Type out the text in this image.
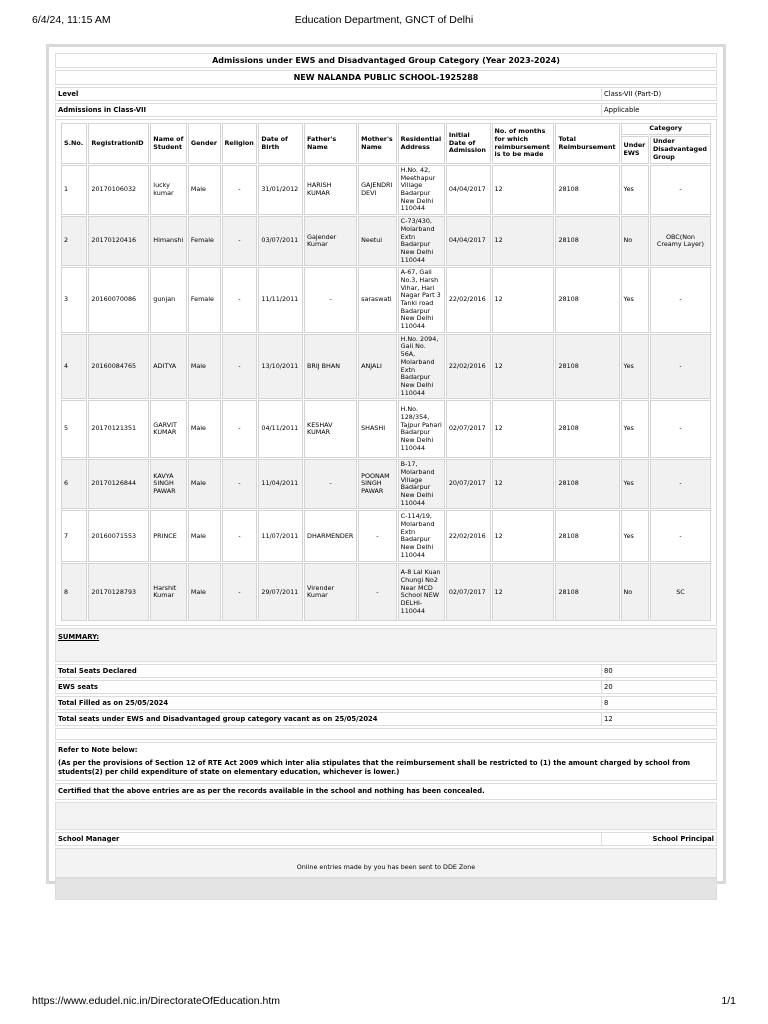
6/4/24, 11:15 AM	Education Department, GNCT of Delhi
Admissions under EWS and Disadvantaged Group Category (Year 2023-2024)
NEW NALANDA PUBLIC SCHOOL-1925288
Level	Class-VII (Part-D)
Admissions in Class-VII	Applicable
S.No.	RegistrationID	Name of Student	Gender	Religion	Date of Birth	Father's Name	Mother's Name	Residential Address	Initial Date of Admission	No. of months for which reimbursement is to be made	Total Reimbursement	Category	
												Under EWS	Under Disadvantaged Group
1	20170106032	lucky kumar	Male	-	31/01/2012	HARISH KUMAR	GAJENDRI DEVI	H.No. 42, Meethapur Village Badarpur New Delhi 110044	04/04/2017	12	28108	Yes	-
2	20170120416	Himanshi	Female	-	03/07/2011	Gajender Kumar	Neetui	C-73/430, Molarband Extn Badarpur New Delhi 110044	04/04/2017	12	28108	No	OBC(Non Creamy Layer)
3	20160070086	gunjan	Female	-	11/11/2011	-	saraswati	A-67, Gali No.3, Harsh Vihar, Hari Nagar Part 3 Tanki road Badarpur New Delhi 110044	22/02/2016	12	28108	Yes	-
4	20160084765	ADITYA	Male	-	13/10/2011	BRIJ BHAN	ANJALI	H.No. 2094, Gali No. 56A, Molarband Extn Badarpur New Delhi 110044	22/02/2016	12	28108	Yes	-
5	20170121351	GARVIT KUMAR	Male	-	04/11/2011	KESHAV KUMAR	SHASHI	H.No. 128/354, Tajpur Pahari Badarpur New Delhi 110044	02/07/2017	12	28108	Yes	-
6	20170126844	KAVYA SINGH PAWAR	Male	-	11/04/2011	-	POONAM SINGH PAWAR	B-17, Molarband Village Badarpur New Delhi 110044	20/07/2017	12	28108	Yes	-
7	20160071553	PRINCE	Male	-	11/07/2011	DHARMENDER	-	C-114/19, Molarband Extn Badarpur New Delhi 110044	22/02/2016	12	28108	Yes	-
8	20170128793	Harshit Kumar	Male	-	29/07/2011	Virender Kumar	-	A-8 Lal Kuan Chungi No2 Near MCD School NEW DELHI-110044	02/07/2017	12	28108	No	SC
SUMMARY:
Total Seats Declared	80
EWS seats	20
Total Filled as on 25/05/2024	8
Total seats under EWS and Disadvantaged group category vacant as on 25/05/2024	12
Refer to Note below:
(As per the provisions of Section 12 of RTE Act 2009 which inter alia stipulates that the reimbursement shall be restricted to (1) the amount charged by school from students(2) per child expenditure of state on elementary education, whichever is lower.)
Certified that the above entries are as per the records available in the school and nothing has been concealed.
School Manager	School Principal
Online entries made by you has been sent to DDE Zone
https://www.edudel.nic.in/DirectorateOfEducation.htm	1/1
